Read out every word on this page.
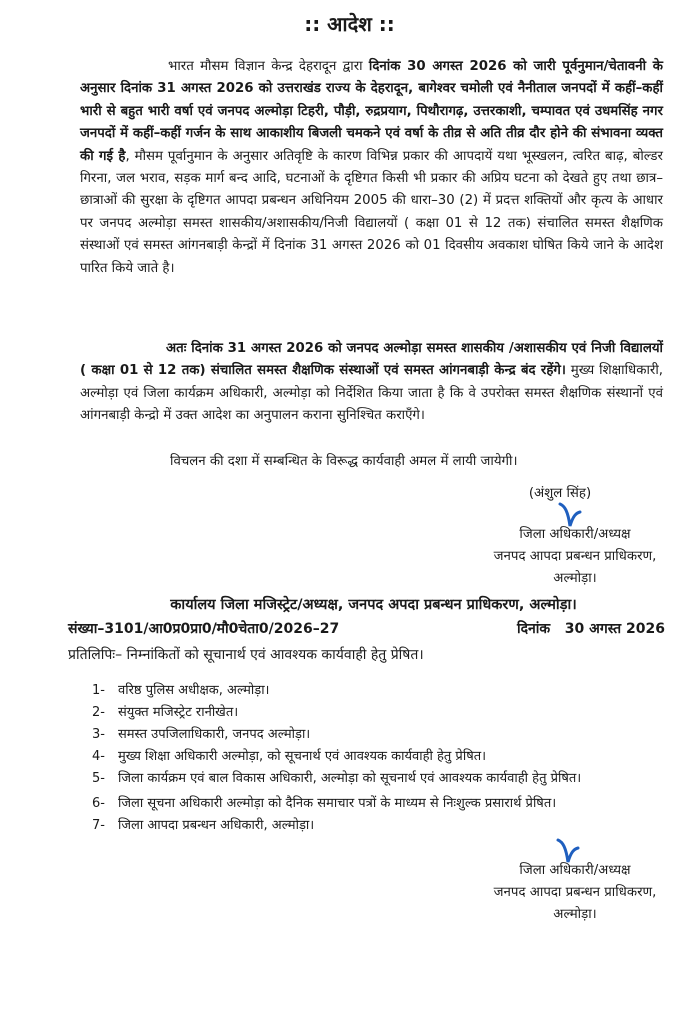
:: आदेश ::

भारत मौसम विज्ञान केन्द्र देहरादून द्वारा दिनांक 30 अगस्त 2026 को जारी पूर्वनुमान/चेतावनी के अनुसार दिनांक 31 अगस्त 2026 को उत्तराखंड राज्य के देहरादून, बागेश्वर चमोली एवं नैनीताल जनपदों में कहीं–कहीं भारी से बहुत भारी वर्षा एवं जनपद अल्मोड़ा टिहरी, पौड़ी, रुद्रप्रयाग, पिथौरागढ़, उत्तरकाशी, चम्पावत एवं उधमसिंह नगर जनपदों में कहीं–कहीं गर्जन के साथ आकाशीय बिजली चमकने एवं वर्षा के तीव्र से अति तीव्र दौर होने की संभावना व्यक्त की गई है, मौसम पूर्वानुमान के अनुसार अतिवृष्टि के कारण विभिन्न प्रकार की आपदायें यथा भूस्खलन, त्वरित बाढ़, बोल्डर गिरना, जल भराव, सड़क मार्ग बन्द आदि, घटनाओं के दृष्टिगत किसी भी प्रकार की अप्रिय घटना को देखते हुए तथा छात्र–छात्राओं की सुरक्षा के दृष्टिगत आपदा प्रबन्धन अधिनियम 2005 की धारा–30 (2) में प्रदत्त शक्तियों और कृत्य के आधार पर जनपद अल्मोड़ा समस्त शासकीय/अशासकीय/निजी विद्यालयों ( कक्षा 01 से 12 तक) संचालित समस्त शैक्षणिक संस्थाओं एवं समस्त आंगनबाड़ी केन्द्रों में दिनांक 31 अगस्त 2026 को 01 दिवसीय अवकाश घोषित किये जाने के आदेश पारित किये जाते है।

अतः दिनांक 31 अगस्त 2026 को जनपद अल्मोड़ा समस्त शासकीय /अशासकीय एवं निजी विद्यालयों ( कक्षा 01 से 12 तक) संचालित समस्त शैक्षणिक संस्थाओं एवं समस्त आंगनबाड़ी केन्द्र बंद रहेंगे। मुख्य शिक्षाधिकारी, अल्मोड़ा एवं जिला कार्यक्रम अधिकारी, अल्मोड़ा को निर्देशित किया जाता है कि वे उपरोक्त समस्त शैक्षणिक संस्थानों एवं आंगनबाड़ी केन्द्रो में उक्त आदेश का अनुपालन कराना सुनिश्चित कराएँगे।

विचलन की दशा में सम्बन्धित के विरूद्ध कार्यवाही अमल में लायी जायेगी।

(अंशुल सिंह)
जिला अधिकारी/अध्यक्ष
जनपद आपदा प्रबन्धन प्राधिकरण,
अल्मोड़ा।
कार्यालय जिला मजिस्ट्रेट/अध्यक्ष, जनपद अपदा प्रबन्धन प्राधिकरण, अल्मोड़ा।
संख्या–3101/आ0प्र0प्रा0/मौ0चेता0/2026–27	दिनांक   30 अगस्त 2026
प्रतिलिपिः– निम्नांकितों को सूचानार्थ एवं आवश्यक कार्यवाही हेतु प्रेषित।
1-	वरिष्ठ पुलिस अधीक्षक, अल्मोड़ा।
2-	संयुक्त मजिस्ट्रेट रानीखेत।
3-	समस्त उपजिलाधिकारी, जनपद अल्मोड़ा।
4-	मुख्य शिक्षा अधिकारी अल्मोड़ा, को सूचनार्थ एवं आवश्यक कार्यवाही हेतु प्रेषित।
5-	जिला कार्यक्रम एवं बाल विकास अधिकारी, अल्मोड़ा को सूचनार्थ एवं आवश्यक कार्यवाही हेतु प्रेषित।
6-	जिला सूचना अधिकारी अल्मोड़ा को दैनिक समाचार पत्रों के माध्यम से निःशुल्क प्रसारार्थ प्रेषित।
7-	जिला आपदा प्रबन्धन अधिकारी, अल्मोड़ा।
जिला अधिकारी/अध्यक्ष
जनपद आपदा प्रबन्धन प्राधिकरण,
अल्मोड़ा।
